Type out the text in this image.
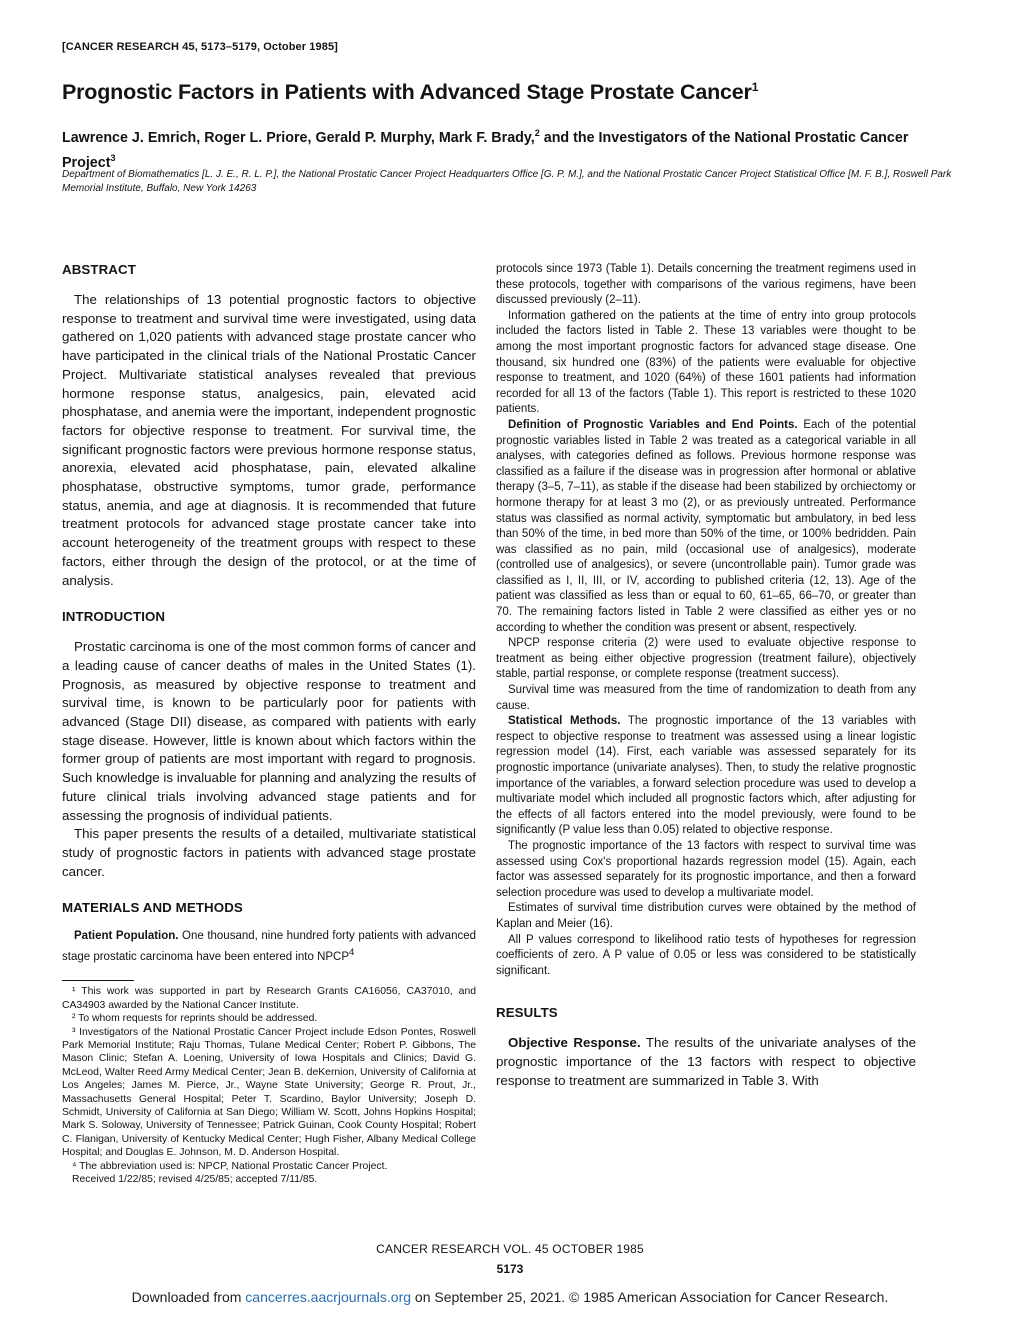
[CANCER RESEARCH 45, 5173–5179, October 1985]
Prognostic Factors in Patients with Advanced Stage Prostate Cancer$^1$
Lawrence J. Emrich, Roger L. Priore, Gerald P. Murphy, Mark F. Brady,$^2$ and the Investigators of the National Prostatic Cancer Project$^3$
Department of Biomathematics [L. J. E., R. L. P.], the National Prostatic Cancer Project Headquarters Office [G. P. M.], and the National Prostatic Cancer Project Statistical Office [M. F. B.], Roswell Park Memorial Institute, Buffalo, New York 14263
ABSTRACT

The relationships of 13 potential prognostic factors to objective response to treatment and survival time were investigated, using data gathered on 1,020 patients with advanced stage prostate cancer who have participated in the clinical trials of the National Prostatic Cancer Project. Multivariate statistical analyses revealed that previous hormone response status, analgesics, pain, elevated acid phosphatase, and anemia were the important, independent prognostic factors for objective response to treatment. For survival time, the significant prognostic factors were previous hormone response status, anorexia, elevated acid phosphatase, pain, elevated alkaline phosphatase, obstructive symptoms, tumor grade, performance status, anemia, and age at diagnosis. It is recommended that future treatment protocols for advanced stage prostate cancer take into account heterogeneity of the treatment groups with respect to these factors, either through the design of the protocol, or at the time of analysis.

INTRODUCTION

Prostatic carcinoma is one of the most common forms of cancer and a leading cause of cancer deaths of males in the United States (1). Prognosis, as measured by objective response to treatment and survival time, is known to be particularly poor for patients with advanced (Stage DII) disease, as compared with patients with early stage disease. However, little is known about which factors within the former group of patients are most important with regard to prognosis. Such knowledge is invaluable for planning and analyzing the results of future clinical trials involving advanced stage patients and for assessing the prognosis of individual patients.

This paper presents the results of a detailed, multivariate statistical study of prognostic factors in patients with advanced stage prostate cancer.

MATERIALS AND METHODS

Patient Population. One thousand, nine hundred forty patients with advanced stage prostatic carcinoma have been entered into NPCP$^4$

¹ This work was supported in part by Research Grants CA16056, CA37010, and CA34903 awarded by the National Cancer Institute.

² To whom requests for reprints should be addressed.

³ Investigators of the National Prostatic Cancer Project include Edson Pontes, Roswell Park Memorial Institute; Raju Thomas, Tulane Medical Center; Robert P. Gibbons, The Mason Clinic; Stefan A. Loening, University of Iowa Hospitals and Clinics; David G. McLeod, Walter Reed Army Medical Center; Jean B. deKernion, University of California at Los Angeles; James M. Pierce, Jr., Wayne State University; George R. Prout, Jr., Massachusetts General Hospital; Peter T. Scardino, Baylor University; Joseph D. Schmidt, University of California at San Diego; William W. Scott, Johns Hopkins Hospital; Mark S. Soloway, University of Tennessee; Patrick Guinan, Cook County Hospital; Robert C. Flanigan, University of Kentucky Medical Center; Hugh Fisher, Albany Medical College Hospital; and Douglas E. Johnson, M. D. Anderson Hospital.

⁴ The abbreviation used is: NPCP, National Prostatic Cancer Project.

Received 1/22/85; revised 4/25/85; accepted 7/11/85.

protocols since 1973 (Table 1). Details concerning the treatment regimens used in these protocols, together with comparisons of the various regimens, have been discussed previously (2–11).

Information gathered on the patients at the time of entry into group protocols included the factors listed in Table 2. These 13 variables were thought to be among the most important prognostic factors for advanced stage disease. One thousand, six hundred one (83%) of the patients were evaluable for objective response to treatment, and 1020 (64%) of these 1601 patients had information recorded for all 13 of the factors (Table 1). This report is restricted to these 1020 patients.

Definition of Prognostic Variables and End Points. Each of the potential prognostic variables listed in Table 2 was treated as a categorical variable in all analyses, with categories defined as follows. Previous hormone response was classified as a failure if the disease was in progression after hormonal or ablative therapy (3–5, 7–11), as stable if the disease had been stabilized by orchiectomy or hormone therapy for at least 3 mo (2), or as previously untreated. Performance status was classified as normal activity, symptomatic but ambulatory, in bed less than 50% of the time, in bed more than 50% of the time, or 100% bedridden. Pain was classified as no pain, mild (occasional use of analgesics), moderate (controlled use of analgesics), or severe (uncontrollable pain). Tumor grade was classified as I, II, III, or IV, according to published criteria (12, 13). Age of the patient was classified as less than or equal to 60, 61–65, 66–70, or greater than 70. The remaining factors listed in Table 2 were classified as either yes or no according to whether the condition was present or absent, respectively.

NPCP response criteria (2) were used to evaluate objective response to treatment as being either objective progression (treatment failure), objectively stable, partial response, or complete response (treatment success).

Survival time was measured from the time of randomization to death from any cause.

Statistical Methods. The prognostic importance of the 13 variables with respect to objective response to treatment was assessed using a linear logistic regression model (14). First, each variable was assessed separately for its prognostic importance (univariate analyses). Then, to study the relative prognostic importance of the variables, a forward selection procedure was used to develop a multivariate model which included all prognostic factors which, after adjusting for the effects of all factors entered into the model previously, were found to be significantly (P value less than 0.05) related to objective response.

The prognostic importance of the 13 factors with respect to survival time was assessed using Cox's proportional hazards regression model (15). Again, each factor was assessed separately for its prognostic importance, and then a forward selection procedure was used to develop a multivariate model.

Estimates of survival time distribution curves were obtained by the method of Kaplan and Meier (16).

All P values correspond to likelihood ratio tests of hypotheses for regression coefficients of zero. A P value of 0.05 or less was considered to be statistically significant.

RESULTS

Objective Response. The results of the univariate analyses of the prognostic importance of the 13 factors with respect to objective response to treatment are summarized in Table 3. With

CANCER RESEARCH VOL. 45 OCTOBER 1985
5173
Downloaded from cancerres.aacrjournals.org on September 25, 2021. © 1985 American Association for Cancer Research.
